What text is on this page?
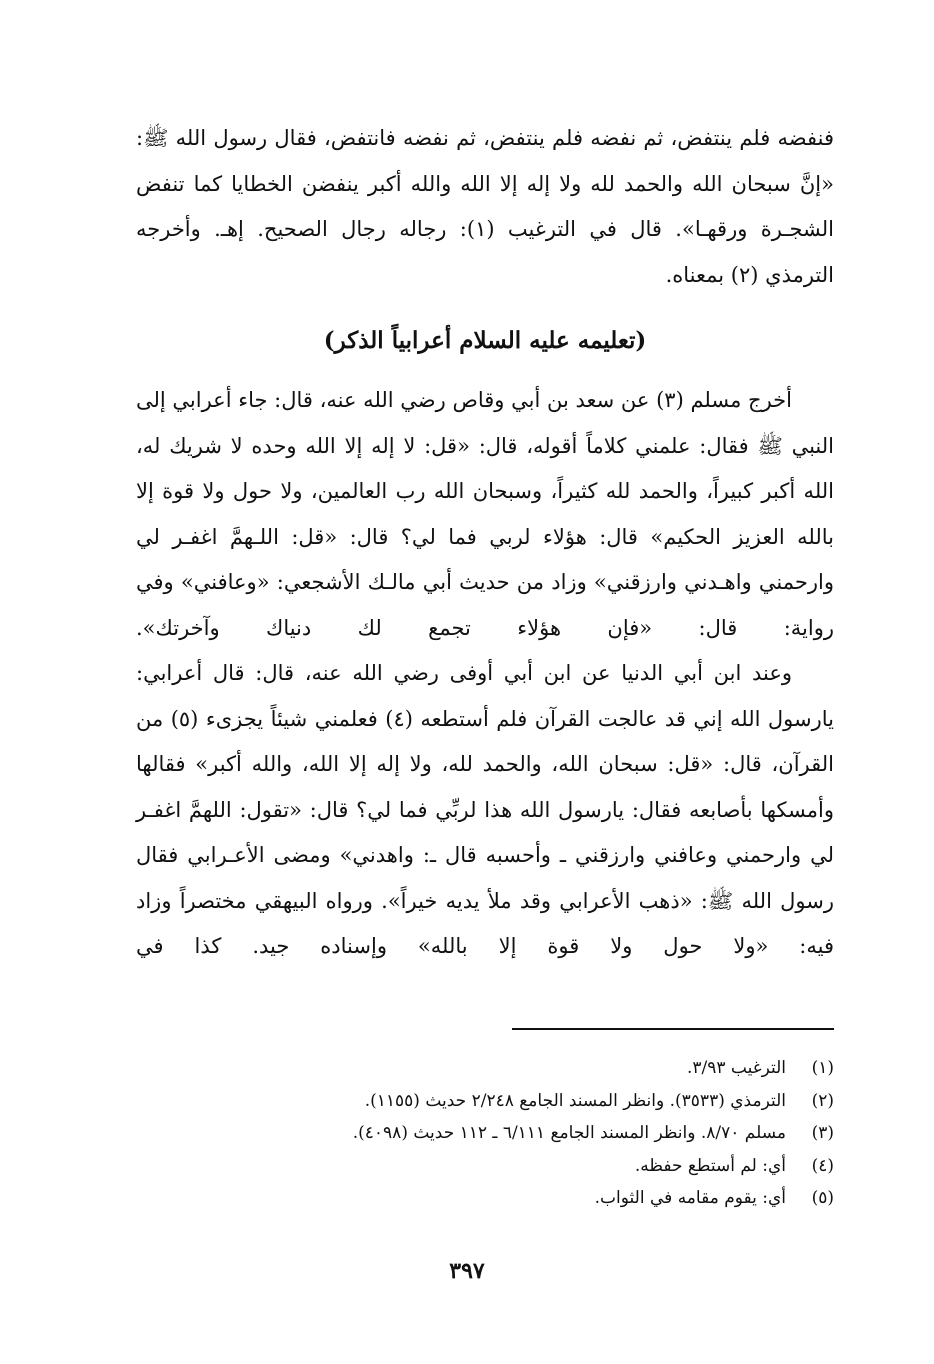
فنفضه فلم ينتفض، ثم نفضه فلم ينتفض، ثم نفضه فانتفض، فقال رسول الله ﷺ: «إنَّ سبحان الله والحمد لله ولا إله إلا الله والله أكبر ينفضن الخطايا كما تنفض الشجـرة ورقهـا». قال في الترغيب (١): رجاله رجال الصحيح. إهـ. وأخرجه الترمذي (٢) بمعناه.

(تعليمه عليه السلام أعرابياً الذكر)

أخرج مسلم (٣) عن سعد بن أبي وقاص رضي الله عنه، قال: جاء أعرابي إلى النبي ﷺ فقال: علمني كلاماً أقوله، قال: «قل: لا إله إلا الله وحده لا شريك له، الله أكبر كبيراً، والحمد لله كثيراً، وسبحان الله رب العالمين، ولا حول ولا قوة إلا بالله العزيز الحكيم» قال: هؤلاء لربي فما لي؟ قال: «قل: اللـهمَّ اغفـر لي وارحمني واهـدني وارزقني» وزاد من حديث أبي مالـك الأشجعي: «وعافني» وفي رواية: قال: «فإن هؤلاء تجمع لك دنياك وآخرتك».

وعند ابن أبي الدنيا عن ابن أبي أوفى رضي الله عنه، قال: قال أعرابي: يارسول الله إني قد عالجت القرآن فلم أستطعه (٤) فعلمني شيئاً يجزىء (٥) من القرآن، قال: «قل: سبحان الله، والحمد لله، ولا إله إلا الله، والله أكبر» فقالها وأمسكها بأصابعه فقال: يارسول الله هذا لربِّي فما لي؟ قال: «تقول: اللهمَّ اغفـر لي وارحمني وعافني وارزقني ـ وأحسبه قال ـ: واهدني» ومضى الأعـرابي فقال رسول الله ﷺ: «ذهب الأعرابي وقد ملأ يديه خيراً». ورواه البيهقي مختصراً وزاد فيه: «ولا حول ولا قوة إلا بالله» وإسناده جيد. كذا في

(١)
الترغيب ٣/٩٣.
(٢)
الترمذي (٣٥٣٣). وانظر المسند الجامع ٢/٢٤٨ حديث (١١٥٥).
(٣)
مسلم ٨/٧٠. وانظر المسند الجامع ٦/١١١ ـ ١١٢ حديث (٤٠٩٨).
(٤)
أي: لم أستطع حفظه.
(٥)
أي: يقوم مقامه في الثواب.
٣٩٧
